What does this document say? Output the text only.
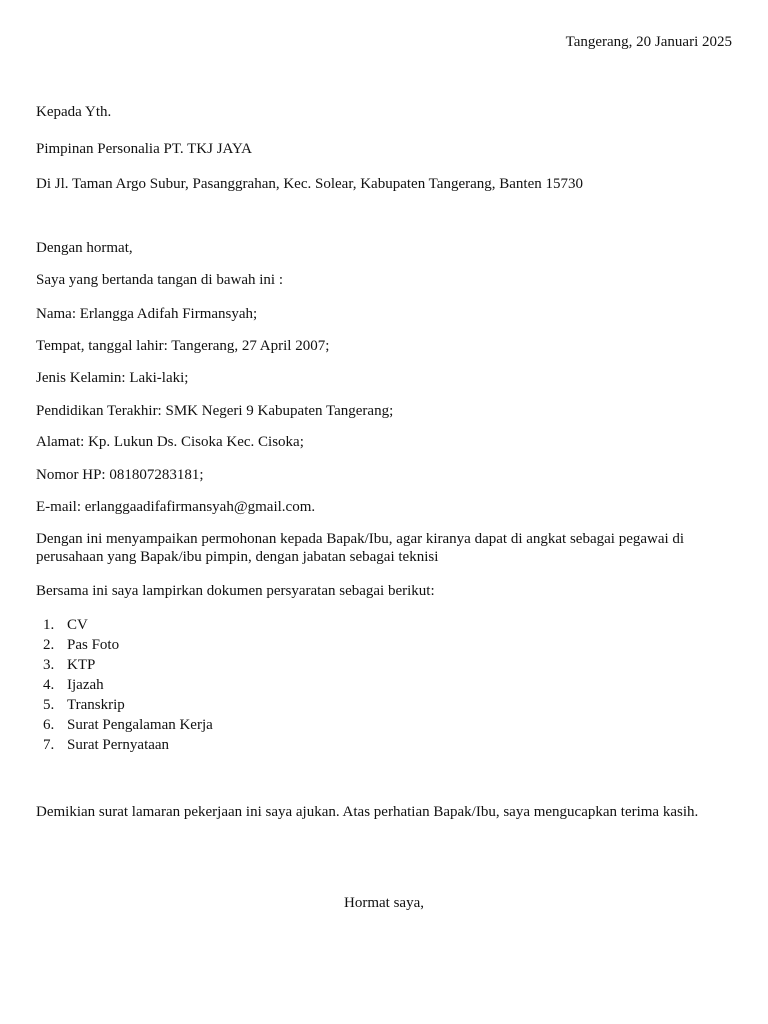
Tangerang, 20 Januari 2025
Kepada Yth.
Pimpinan Personalia PT. TKJ JAYA
Di Jl. Taman Argo Subur, Pasanggrahan, Kec. Solear, Kabupaten Tangerang, Banten 15730
Dengan hormat,
Saya yang bertanda tangan di bawah ini :
Nama: Erlangga Adifah Firmansyah;
Tempat, tanggal lahir: Tangerang, 27 April 2007;
Jenis Kelamin: Laki-laki;
Pendidikan Terakhir: SMK Negeri 9 Kabupaten Tangerang;
Alamat: Kp. Lukun Ds. Cisoka Kec. Cisoka;
Nomor HP: 081807283181;
E-mail: erlanggaadifafirmansyah@gmail.com.
Dengan ini menyampaikan permohonan kepada Bapak/Ibu, agar kiranya dapat di angkat sebagai pegawai di perusahaan yang Bapak/ibu pimpin, dengan jabatan sebagai teknisi
Bersama ini saya lampirkan dokumen persyaratan sebagai berikut:
1. CV
2. Pas Foto
3. KTP
4. Ijazah
5. Transkrip
6. Surat Pengalaman Kerja
7. Surat Pernyataan
Demikian surat lamaran pekerjaan ini saya ajukan. Atas perhatian Bapak/Ibu, saya mengucapkan terima kasih.
Hormat saya,
